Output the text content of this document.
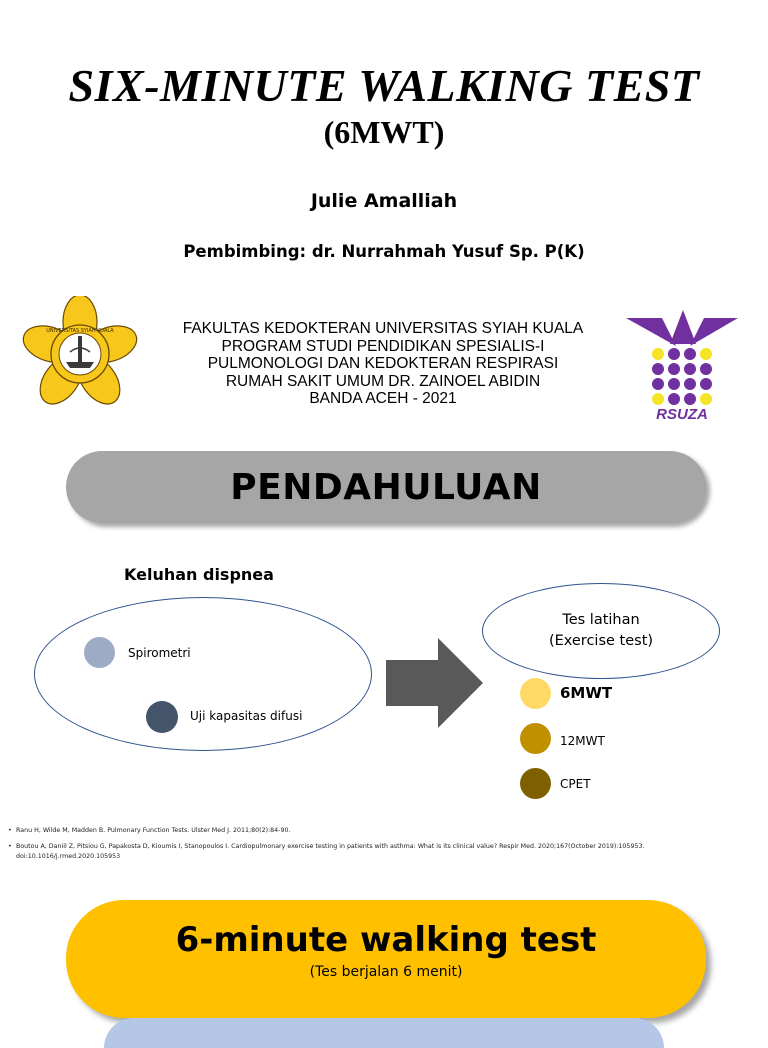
SIX-MINUTE WALKING TEST
(6MWT)
Julie Amalliah
Pembimbing: dr. Nurrahmah Yusuf Sp. P(K)
UNIVERSITAS SYIAH KUALA	FAKULTAS KEDOKTERAN UNIVERSITAS SYIAH KUALA
PROGRAM STUDI PENDIDIKAN SPESIALIS-I
PULMONOLOGI DAN KEDOKTERAN RESPIRASI
RUMAH SAKIT UMUM DR. ZAINOEL ABIDIN
BANDA ACEH - 2021
RSUZA
PENDAHULUAN
Keluhan dispnea
Spirometri
Uji kapasitas difusi
Tes latihan
(Exercise test)
6MWT
12MWT
CPET
• Ranu H, Wilde M, Madden B. Pulmonary Function Tests. Ulster Med J. 2011;80(2):84-90.
• Boutou A, Daniil Z, Pitsiou G, Papakosta D, Kioumis I, Stanopoulos I. Cardiopulmonary exercise testing in patients with asthma: What is its clinical value? Respir Med. 2020;167(October 2019):105953. doi:10.1016/j.rmed.2020.105953
6-minute walking test
(Tes berjalan 6 menit)
